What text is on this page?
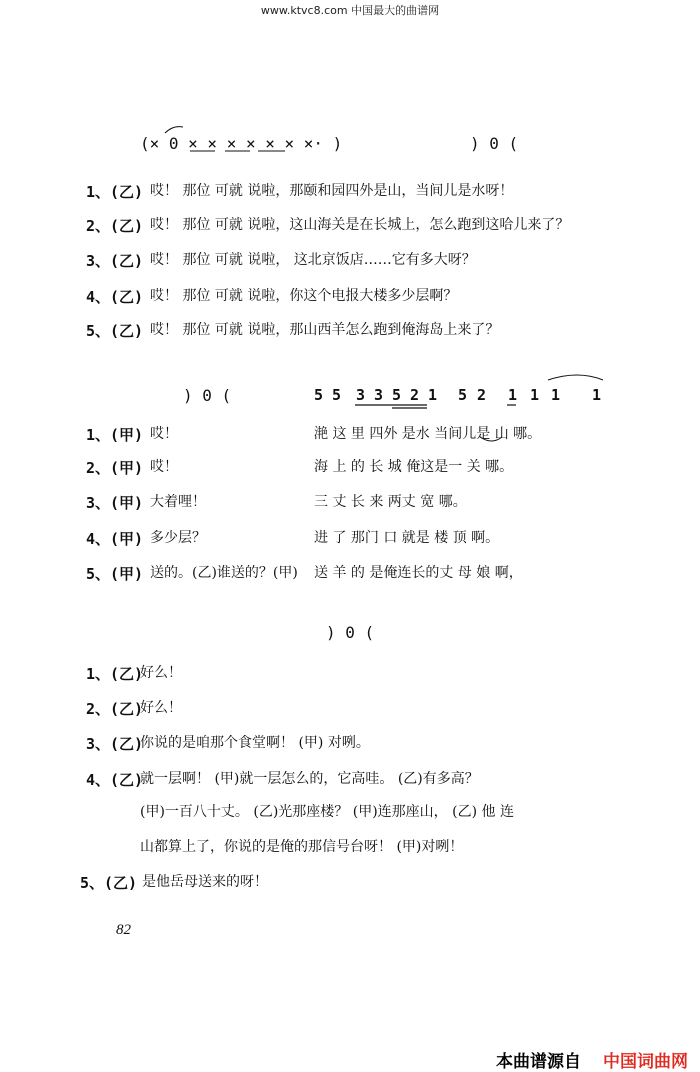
www.ktvc8.com 中国最大的曲谱网
(× 0 × × × × × × ×· )	) 0 (
1、(乙) 哎！ 那位 可就 说啦，那颐和园四外是山，当间儿是水呀！
2、(乙) 哎！ 那位 可就 说啦，这山海关是在长城上，怎么跑到这哈儿来了？
3、(乙) 哎！ 那位 可就 说啦， 这北京饭店……它有多大呀？
4、(乙) 哎！ 那位 可就 说啦，你这个电报大楼多少层啊？
5、(乙) 哎！ 那位 可就 说啦，那山西羊怎么跑到俺海岛上来了？
) 0 (	5 5 3 3 5 2 1 5 2 1 1 1 1
1、(甲) 哎！	滟 这 里 四外 是水 当间儿是 山 哪。
2、(甲) 哎！	海 上 的 长 城 俺这是一 关 哪。
3、(甲) 大着哩！	三 丈 长 来 两丈 宽 哪。
4、(甲) 多少层？	进 了 那门 口 就是 楼 顶 啊。
5、(甲) 送的。(乙)谁送的？(甲) 送 羊 的 是俺连长的丈 母 娘 啊，
) 0 (
1、(乙)
好么！
2、(乙)
好么！
3、(乙)
你说的是咱那个食堂啊！ (甲) 对咧。
4、(乙)
就一层啊！ (甲)就一层怎么的，它高哇。 (乙)有多高？
(甲)一百八十丈。 (乙)光那座楼？ (甲)连那座山， (乙) 他 连
山都算上了，你说的是俺的那信号台呀！ (甲)对咧！
5、(乙) 是他岳母送来的呀！
82
本曲谱源自 中国词曲网
